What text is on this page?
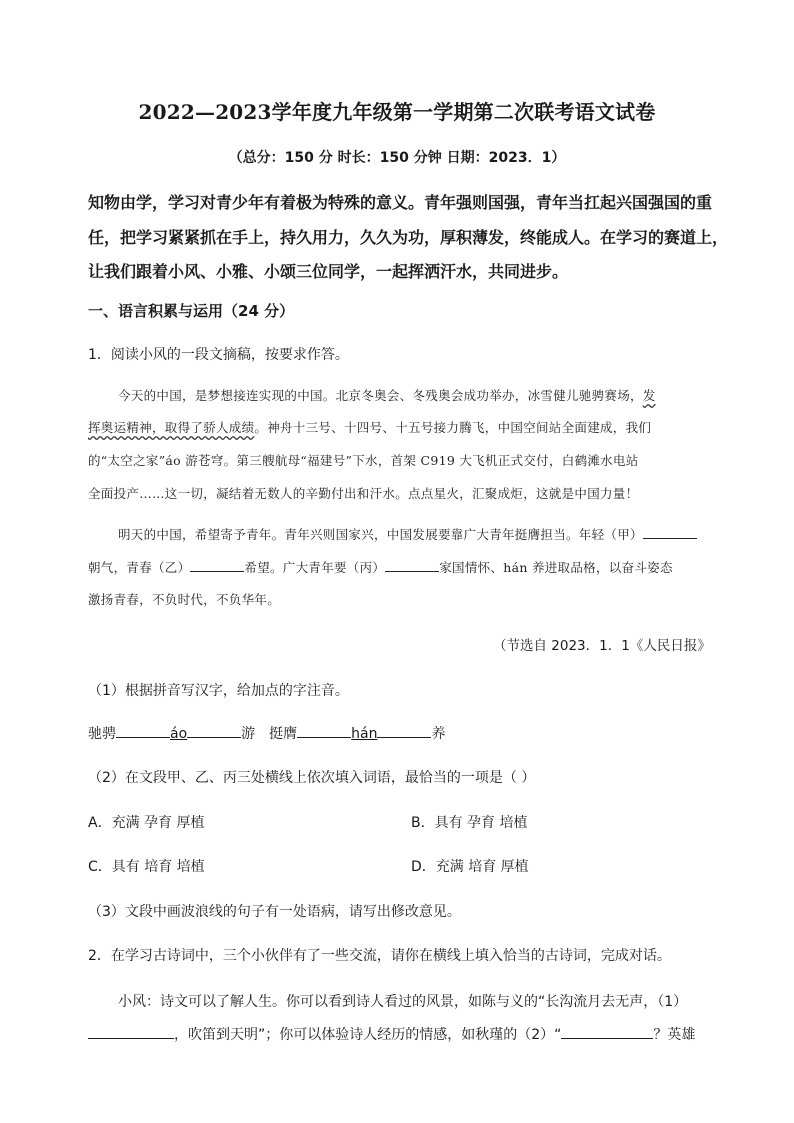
2022—2023学年度九年级第一学期第二次联考语文试卷
（总分：150 分 时长：150 分钟 日期：2023．1）
知物由学，学习对青少年有着极为特殊的意义。青年强则国强，青年当扛起兴国强国的重
任，把学习紧紧抓在手上，持久用力，久久为功，厚积薄发，终能成人。在学习的赛道上，
让我们跟着小风、小雅、小颂三位同学，一起挥洒汗水，共同进步。
一、语言积累与运用（24 分）
1．阅读小风的一段文摘稿，按要求作答。
今天的中国，是梦想接连实现的中国。北京冬奥会、冬残奥会成功举办，冰雪健儿驰骋赛场，发
挥奥运精神，取得了骄人成绩。神舟十三号、十四号、十五号接力腾飞，中国空间站全面建成，我们
的“太空之家”áo 游苍穹。第三艘航母“福建号”下水，首架 C919 大飞机正式交付，白鹤滩水电站
全面投产……这一切，凝结着无数人的辛勤付出和汗水。点点星火，汇聚成炬，这就是中国力量！
明天的中国，希望寄予青年。青年兴则国家兴，中国发展要靠广大青年挺膺担当。年轻（甲）
朝气，青春（乙）	希望。广大青年要（丙）	家国情怀、hán 养进取品格，以奋斗姿态
激扬青春，不负时代，不负华年。
（节选自 2023．1．1《人民日报》
（1）根据拼音写汉字，给加点的字注音。
驰骋	áo	游 挺膺	hán	养
（2）在文段甲、乙、丙三处横线上依次填入词语，最恰当的一项是（ ）
A．充满 孕育 厚植	B．具有 孕育 培植
C．具有 培育 培植	D．充满 培育 厚植
（3）文段中画波浪线的句子有一处语病，请写出修改意见。
2．在学习古诗词中，三个小伙伴有了一些交流，请你在横线上填入恰当的古诗词，完成对话。
小风：诗文可以了解人生。你可以看到诗人看过的风景，如陈与义的“长沟流月去无声，（1）
，吹笛到天明”；你可以体验诗人经历的情感，如秋瑾的（2）“	？英雄
